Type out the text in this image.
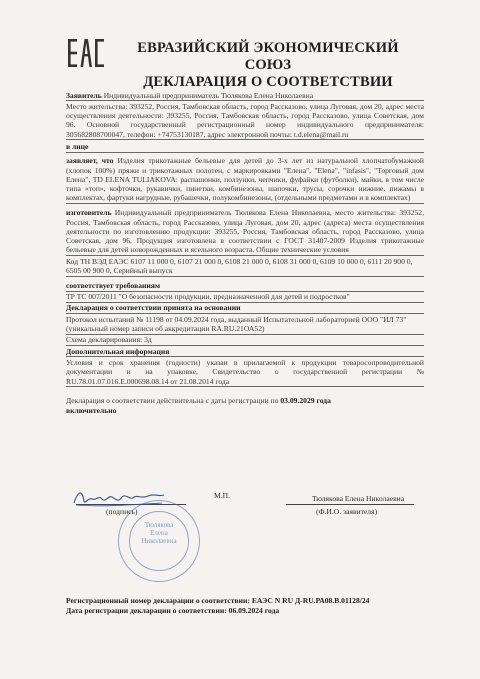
ЕВРАЗИЙСКИЙ ЭКОНОМИЧЕСКИЙ СОЮЗ
ДЕКЛАРАЦИЯ О СООТВЕТСТВИИ
Заявитель Индивидуальный предприниматель Тюлякова Елена Николаевна
Место жительства: 393252, Россия, Тамбовская область, город Рассказово, улица Луговая, дом 20, адрес места осуществления деятельности: 393255, Россия, Тамбовская область, город Рассказово, улица Советская, дом 96. Основной государственный регистрационный номер индивидуального предпринимателя: 305682808700047, телефон: +74753130187, адрес электронной почты: t.d.elena@mail.ru
в лице
заявляет, что Изделия трикотажные бельевые для детей до 3-х лет из натуральной хлопчатобумажной (хлопок 100%) пряжи и трикотажных полотен, с маркировками "Елена", "Elena", "infasis", "Торговый дом Елена", TD ELENA TULIAKOVA: распашонки, ползунки, чепчики, фуфайки (футболки), майки, в том числе типа «топ», кофточки, рукавички, пинетки, комбинезоны, шапочки, трусы, сорочки нижние, пижамы в комплектах, фартуки нагрудные, рубашечки, полукомбинезоны, (отдельными предметами и в комплектах)
изготовитель Индивидуальный предприниматель Тюлякова Елена Николаевна, место жительства: 393252, Россия, Тамбовская область, город Рассказово, улица Луговая, дом 20, адрес (адреса) места осуществления деятельности по изготовлению продукции: 393255, Россия, Тамбовская область, город Рассказово, улица Советская, дом 96, Продукция изготовлена в соответствии с ГОСТ 31407-2009 Изделия трикотажные бельевые для детей новорожденных и ясельного возраста. Общие технические условия
Код ТН ВЭД ЕАЭС 6107 11 000 0, 6107 21 000 0, 6108 21 000 0, 6108 31 000 0, 6109 10 000 0, 6111 20 900 0, 6505 00 900 0, Серийный выпуск
соответствует требованиям
ТР ТС 007/2011 "О безопасности продукции, предназначенной для детей и подростков"
Декларация о соответствии принята на основании
Протокол испытаний № 11198 от 04.09.2024 года, выданный Испытательной лабораторией ООО "ИЛ 73" (уникальный номер записи об аккредитации RA.RU.21ОА52)
Схема декларирования: 3д
Дополнительная информация
Условия и срок хранения (годности) указан в прилагаемой к продукции товаросопроводительной документации и на упаковке, Свидетельство о государственной регистрации № RU.78.01.07.016.Е.000698.08.14 от 21.08.2014 года
Декларация о соответствии действительна с даты регистрации по 03.09.2029 года
включительно
(подпись)
М.П.	Тюлякова Елена Николаевна
(Ф.И.О. заявителя)
Тюлякова
Елена
Николаевна
Регистрационный номер декларации о соответствии: ЕАЭС N RU Д-RU.РА08.В.01128/24
Дата регистрации декларации о соответствии: 06.09.2024 года
